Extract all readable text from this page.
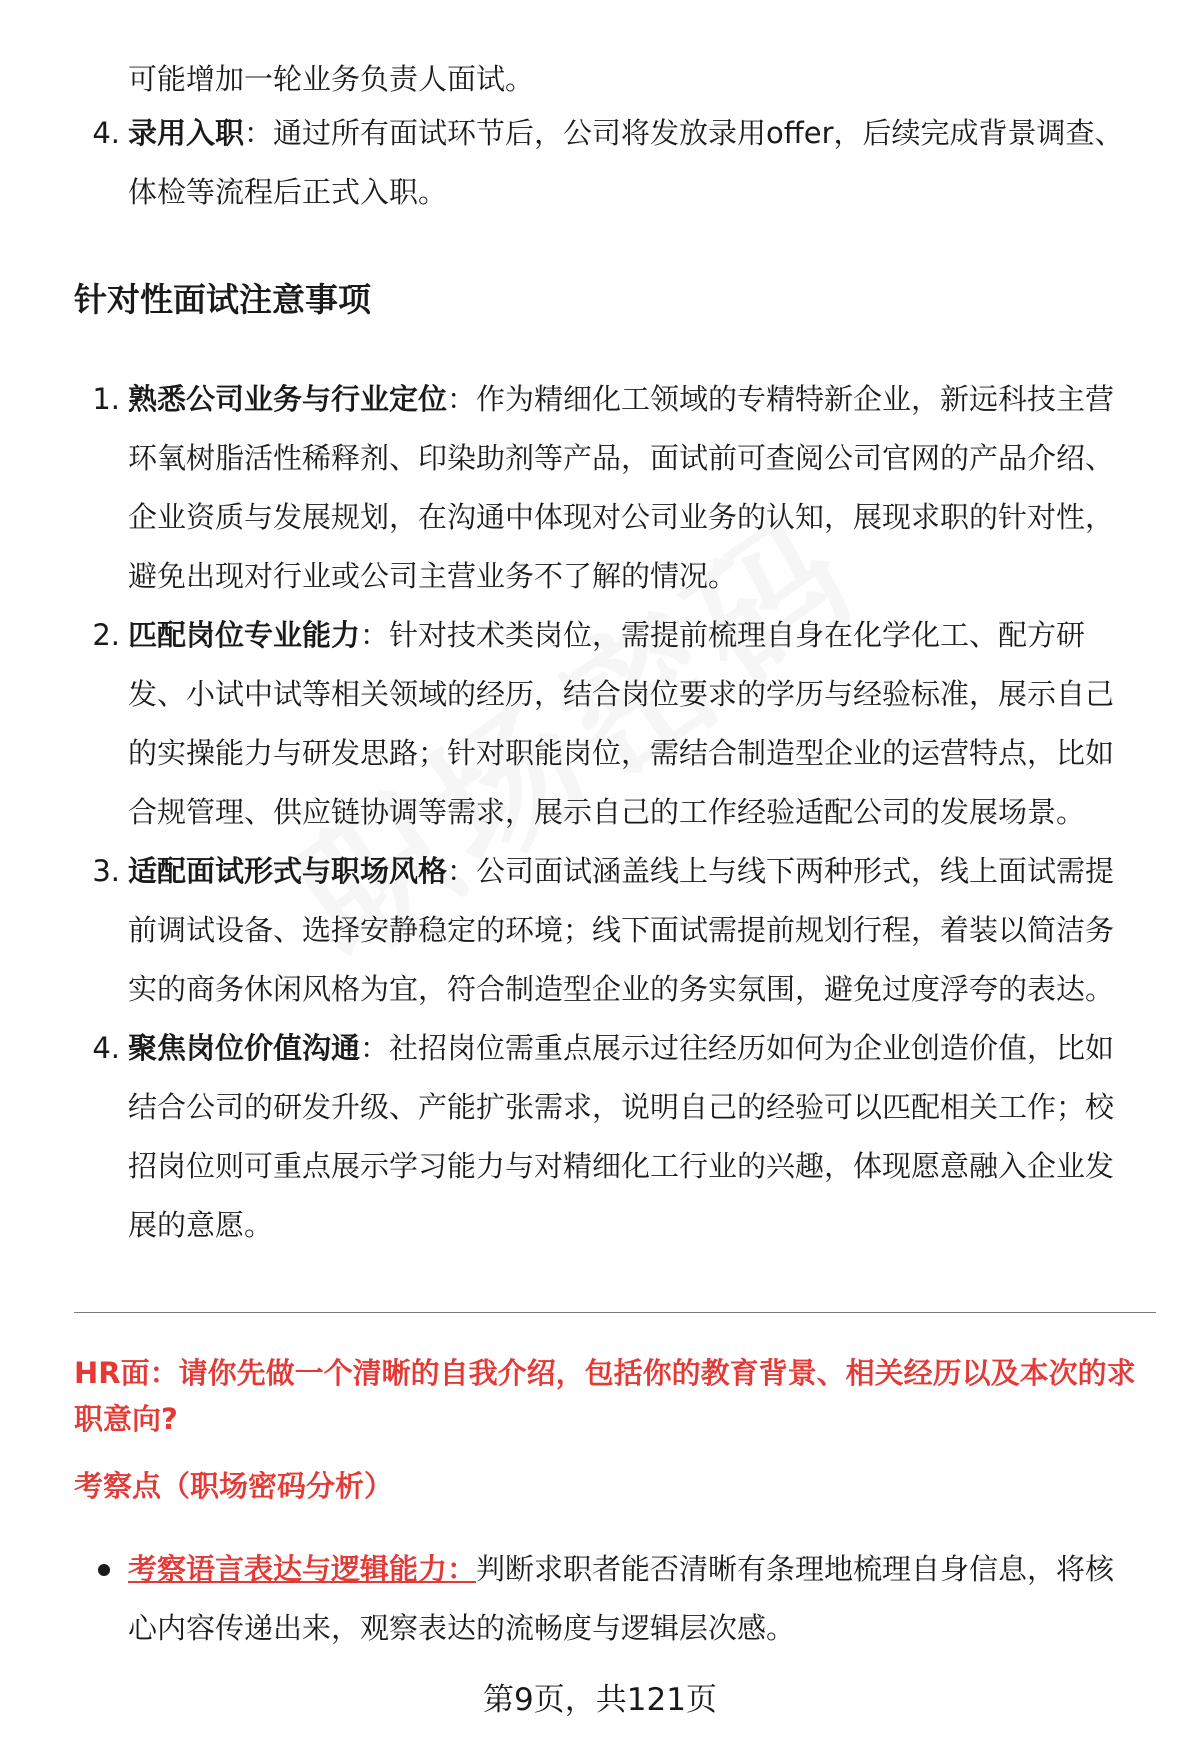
可能增加一轮业务负责人面试。

4. 录用入职：通过所有面试环节后，公司将发放录用offer，后续完成背景调查、体检等流程后正式入职。
针对性面试注意事项
1. 熟悉公司业务与行业定位：作为精细化工领域的专精特新企业，新远科技主营环氧树脂活性稀释剂、印染助剂等产品，面试前可查阅公司官网的产品介绍、企业资质与发展规划，在沟通中体现对公司业务的认知，展现求职的针对性，避免出现对行业或公司主营业务不了解的情况。
2. 匹配岗位专业能力：针对技术类岗位，需提前梳理自身在化学化工、配方研发、小试中试等相关领域的经历，结合岗位要求的学历与经验标准，展示自己的实操能力与研发思路；针对职能岗位，需结合制造型企业的运营特点，比如合规管理、供应链协调等需求，展示自己的工作经验适配公司的发展场景。
3. 适配面试形式与职场风格：公司面试涵盖线上与线下两种形式，线上面试需提前调试设备、选择安静稳定的环境；线下面试需提前规划行程，着装以简洁务实的商务休闲风格为宜，符合制造型企业的务实氛围，避免过度浮夸的表达。
4. 聚焦岗位价值沟通：社招岗位需重点展示过往经历如何为企业创造价值，比如结合公司的研发升级、产能扩张需求，说明自己的经验可以匹配相关工作；校招岗位则可重点展示学习能力与对精细化工行业的兴趣，体现愿意融入企业发展的意愿。

HR面：请你先做一个清晰的自我介绍，包括你的教育背景、相关经历以及本次的求职意向?

考察点（职场密码分析）

考察语言表达与逻辑能力：判断求职者能否清晰有条理地梳理自身信息，将核心内容传递出来，观察表达的流畅度与逻辑层次感。
第9页，共121页
